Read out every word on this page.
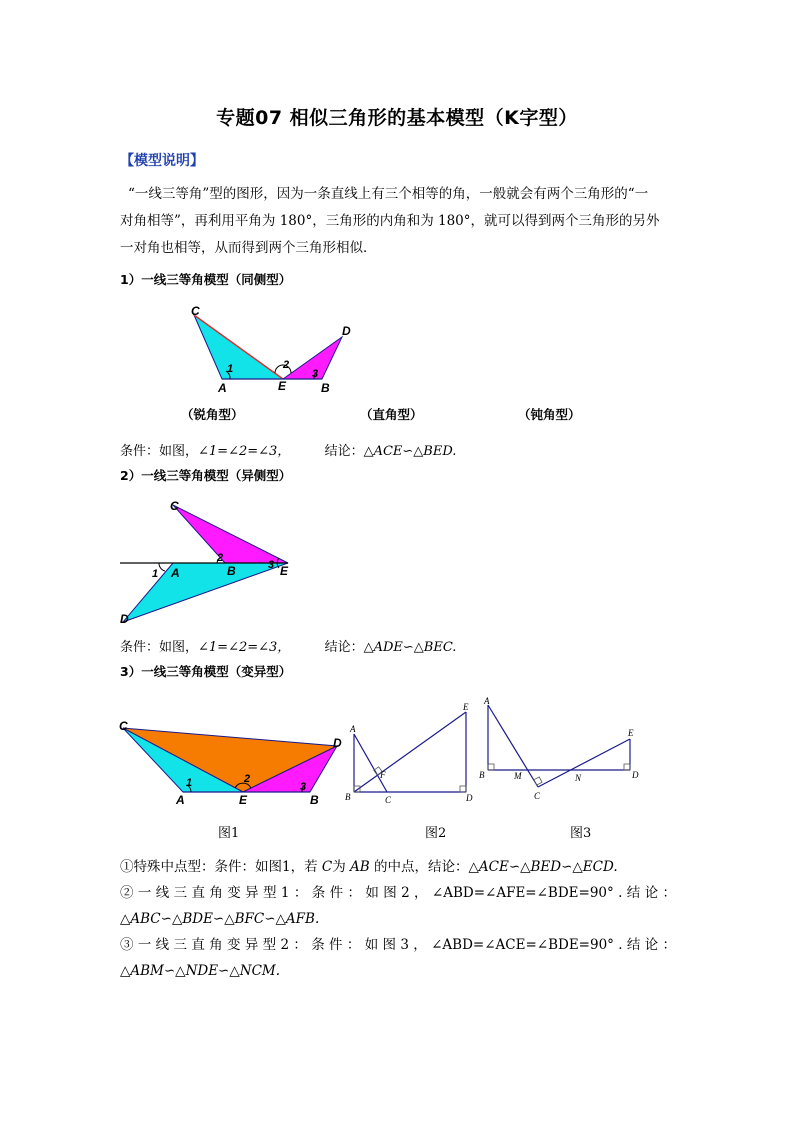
专题07 相似三角形的基本模型（K字型）
【模型说明】

“一线三等角”型的图形，因为一条直线上有三个相等的角，一般就会有两个三角形的“一

对角相等”，再利用平角为 180°，三角形的内角和为 180°，就可以得到两个三角形的另外

一对角也相等，从而得到两个三角形相似．

1）一线三等角模型（同侧型）
C
D
A	E	B
1	2
3
（锐角型）	（直角型）	（钝角型）
条件：如图，∠1=∠2=∠3，	结论：△ACE∽△BED.
2）一线三等角模型（异侧型）
C
A	B	E
D
1
2
3
条件：如图，∠1=∠2=∠3，	结论：△ADE∽△BEC.
3）一线三等角模型（变异型）
C
D
A	E	B
1	2
3
A
E
F
B	C	D
A
E
B	M	N	D
C
图1	图2	图3
①特殊中点型：条件：如图1，若 C为 AB 的中点，结论：△ACE∽△BED∽△ECD.
② 一 线 三 直 角 变 异 型 1 ： 条 件 ： 如 图 2 ， ∠ABD=∠AFE=∠BDE=90° . 结 论 ：
△ABC∽△BDE∽△BFC∽△AFB.
③ 一 线 三 直 角 变 异 型 2 ： 条 件 ： 如 图 3 ， ∠ABD=∠ACE=∠BDE=90° . 结 论 ：
△ABM∽△NDE∽△NCM.
